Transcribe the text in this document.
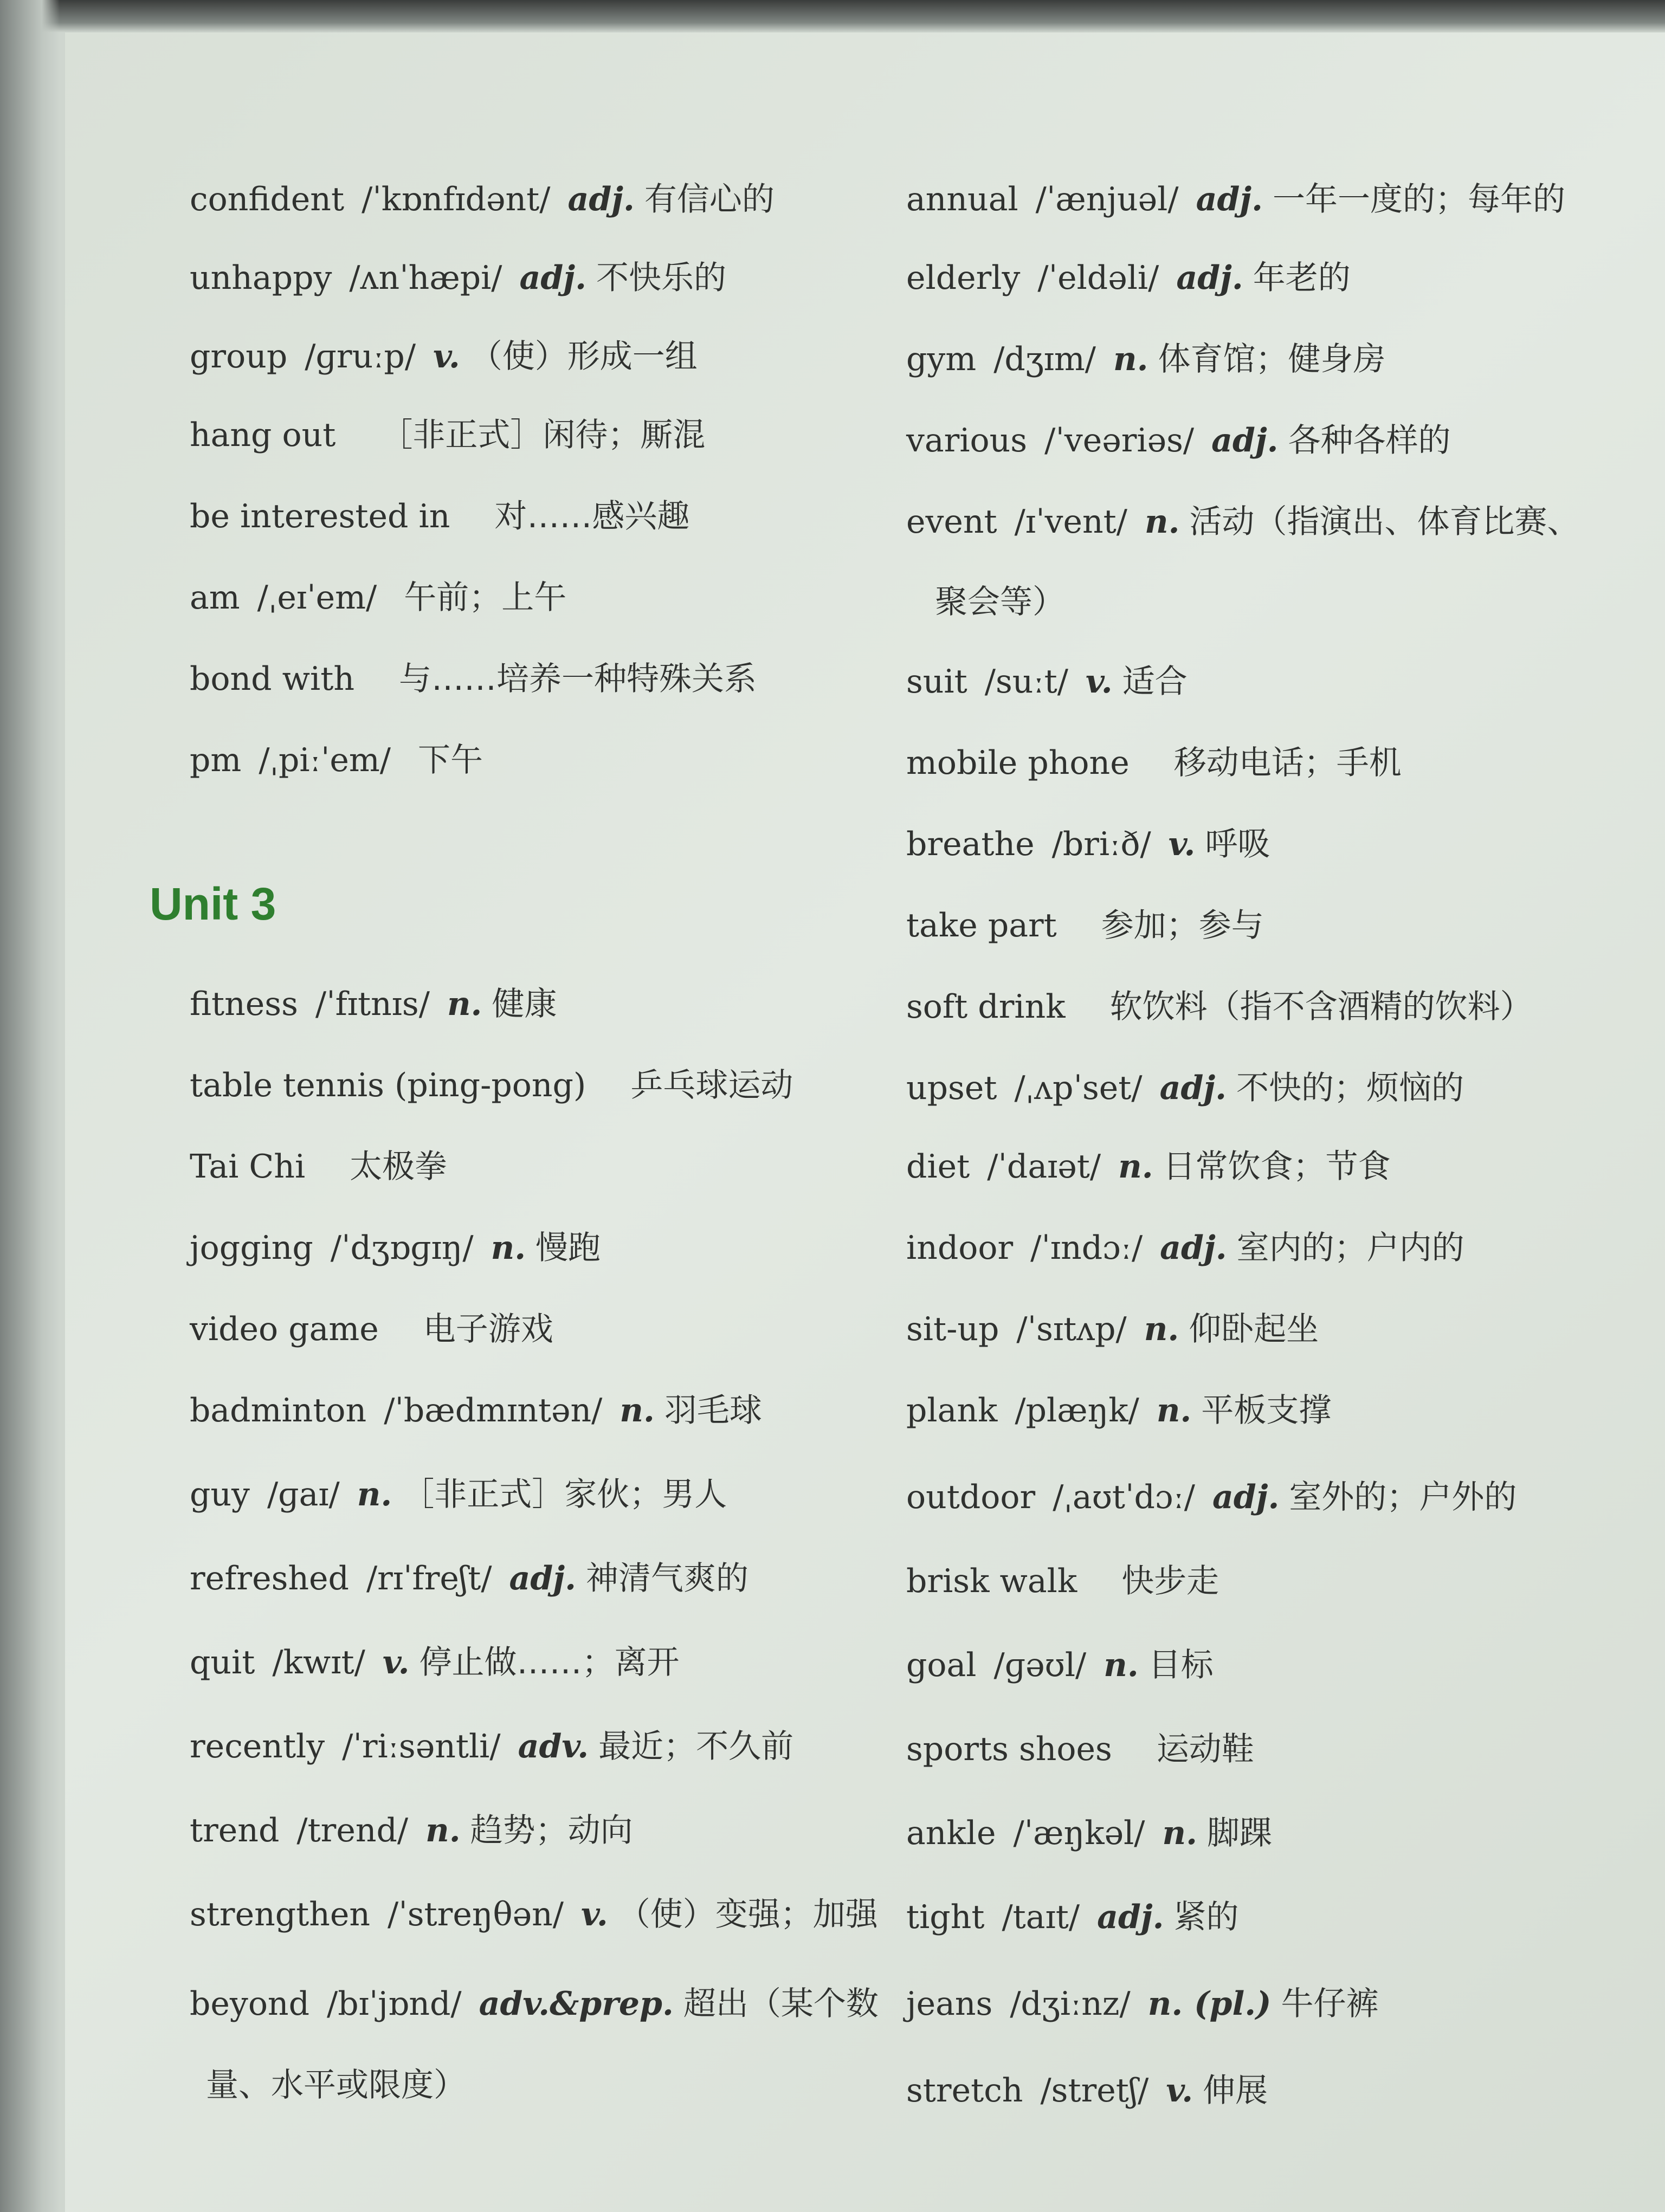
confident /ˈkɒnfɪdənt/ adj. 有信心的
unhappy /ʌnˈhæpi/ adj. 不快乐的
group /ɡruːp/ v. （使）形成一组
hang out ［非正式］闲待；厮混
be interested in 对……感兴趣
am /ˌeɪˈem/ 午前；上午
bond with 与……培养一种特殊关系
pm /ˌpiːˈem/ 下午
fitness /ˈfɪtnɪs/ n. 健康
table tennis (ping-pong) 乒乓球运动
Tai Chi 太极拳
jogging /ˈdʒɒɡɪŋ/ n. 慢跑
video game 电子游戏
badminton /ˈbædmɪntən/ n. 羽毛球
guy /ɡaɪ/ n. ［非正式］家伙；男人
refreshed /rɪˈfreʃt/ adj. 神清气爽的
quit /kwɪt/ v. 停止做……；离开
recently /ˈriːsəntli/ adv. 最近；不久前
trend /trend/ n. 趋势；动向
strengthen /ˈstreŋθən/ v. （使）变强；加强
beyond /bɪˈjɒnd/ adv.&prep. 超出（某个数
annual /ˈænjuəl/ adj. 一年一度的；每年的
elderly /ˈeldəli/ adj. 年老的
gym /dʒɪm/ n. 体育馆；健身房
various /ˈveəriəs/ adj. 各种各样的
event /ɪˈvent/ n. 活动（指演出、体育比赛、
suit /suːt/ v. 适合
mobile phone 移动电话；手机
breathe /briːð/ v. 呼吸
take part 参加；参与
soft drink 软饮料（指不含酒精的饮料）
upset /ˌʌpˈset/ adj. 不快的；烦恼的
diet /ˈdaɪət/ n. 日常饮食；节食
indoor /ˈɪndɔː/ adj. 室内的；户内的
sit-up /ˈsɪtʌp/ n. 仰卧起坐
plank /plæŋk/ n. 平板支撑
outdoor /ˌaʊtˈdɔː/ adj. 室外的；户外的
brisk walk 快步走
goal /ɡəʊl/ n. 目标
sports shoes 运动鞋
ankle /ˈæŋkəl/ n. 脚踝
tight /taɪt/ adj. 紧的
jeans /dʒiːnz/ n. (pl.) 牛仔裤
stretch /stretʃ/ v. 伸展
Unit 3
量、水平或限度）
聚会等）
